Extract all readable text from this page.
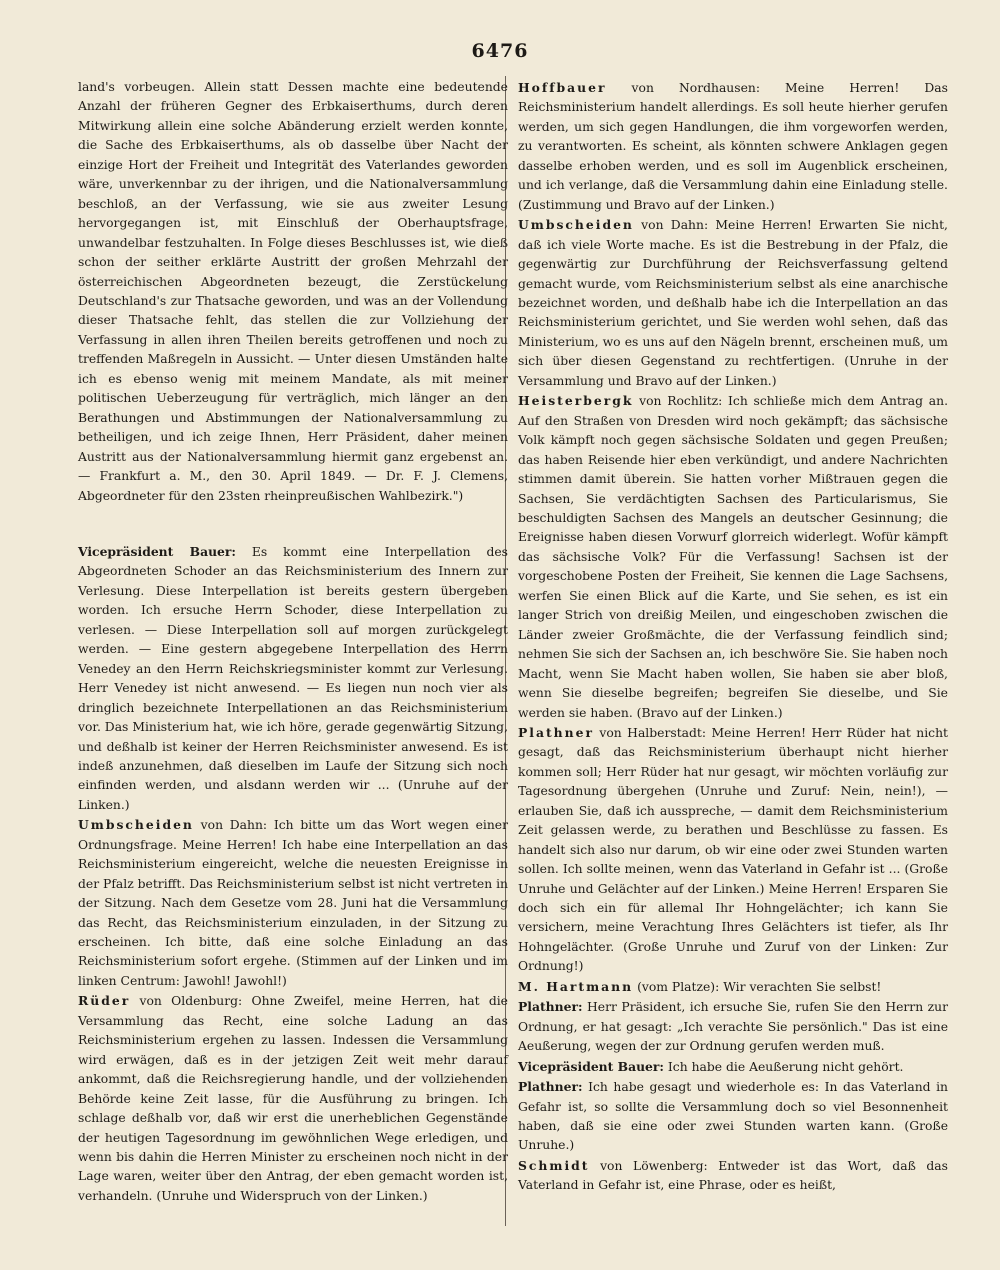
6476

land's vorbeugen. Allein statt Dessen machte eine bedeutende Anzahl der früheren Gegner des Erbkaiserthums, durch deren Mitwirkung allein eine solche Abänderung erzielt werden konnte, die Sache des Erbkaiserthums, als ob dasselbe über Nacht der einzige Hort der Freiheit und Integrität des Vaterlandes geworden wäre, unverkennbar zu der ihrigen, und die Nationalversammlung beschloß, an der Verfassung, wie sie aus zweiter Lesung hervorgegangen ist, mit Einschluß der Oberhauptsfrage, unwandelbar festzuhalten. In Folge dieses Beschlusses ist, wie dieß schon der seither erklärte Austritt der großen Mehrzahl der österreichischen Abgeordneten bezeugt, die Zerstückelung Deutschland's zur Thatsache geworden, und was an der Vollendung dieser Thatsache fehlt, das stellen die zur Vollziehung der Verfassung in allen ihren Theilen bereits getroffenen und noch zu treffenden Maßregeln in Aussicht. — Unter diesen Umständen halte ich es ebenso wenig mit meinem Mandate, als mit meiner politischen Ueberzeugung für verträglich, mich länger an den Berathungen und Abstimmungen der Nationalversammlung zu betheiligen, und ich zeige Ihnen, Herr Präsident, daher meinen Austritt aus der Nationalversammlung hiermit ganz ergebenst an. — Frankfurt a. M., den 30. April 1849. — Dr. F. J. Clemens, Abgeordneter für den 23sten rheinpreußischen Wahlbezirk.")

Vicepräsident Bauer: Es kommt eine Interpellation des Abgeordneten Schoder an das Reichsministerium des Innern zur Verlesung. Diese Interpellation ist bereits gestern übergeben worden. Ich ersuche Herrn Schoder, diese Interpellation zu verlesen. — Diese Interpellation soll auf morgen zurückgelegt werden. — Eine gestern abgegebene Interpellation des Herrn Venedey an den Herrn Reichskriegsminister kommt zur Verlesung. Herr Venedey ist nicht anwesend. — Es liegen nun noch vier als dringlich bezeichnete Interpellationen an das Reichsministerium vor. Das Ministerium hat, wie ich höre, gerade gegenwärtig Sitzung, und deßhalb ist keiner der Herren Reichsminister anwesend. Es ist indeß anzunehmen, daß dieselben im Laufe der Sitzung sich noch einfinden werden, und alsdann werden wir ... (Unruhe auf der Linken.)

Umbscheiden von Dahn: Ich bitte um das Wort wegen einer Ordnungsfrage. Meine Herren! Ich habe eine Interpellation an das Reichsministerium eingereicht, welche die neuesten Ereignisse in der Pfalz betrifft. Das Reichsministerium selbst ist nicht vertreten in der Sitzung. Nach dem Gesetze vom 28. Juni hat die Versammlung das Recht, das Reichsministerium einzuladen, in der Sitzung zu erscheinen. Ich bitte, daß eine solche Einladung an das Reichsministerium sofort ergehe. (Stimmen auf der Linken und im linken Centrum: Jawohl! Jawohl!)

Rüder von Oldenburg: Ohne Zweifel, meine Herren, hat die Versammlung das Recht, eine solche Ladung an das Reichsministerium ergehen zu lassen. Indessen die Versammlung wird erwägen, daß es in der jetzigen Zeit weit mehr darauf ankommt, daß die Reichsregierung handle, und der vollziehenden Behörde keine Zeit lasse, für die Ausführung zu bringen. Ich schlage deßhalb vor, daß wir erst die unerheblichen Gegenstände der heutigen Tagesordnung im gewöhnlichen Wege erledigen, und wenn bis dahin die Herren Minister zu erscheinen noch nicht in der Lage waren, weiter über den Antrag, der eben gemacht worden ist, verhandeln. (Unruhe und Widerspruch von der Linken.)

Hoffbauer von Nordhausen: Meine Herren! Das Reichsministerium handelt allerdings. Es soll heute hierher gerufen werden, um sich gegen Handlungen, die ihm vorgeworfen werden, zu verantworten. Es scheint, als könnten schwere Anklagen gegen dasselbe erhoben werden, und es soll im Augenblick erscheinen, und ich verlange, daß die Versammlung dahin eine Einladung stelle. (Zustimmung und Bravo auf der Linken.)

Umbscheiden von Dahn: Meine Herren! Erwarten Sie nicht, daß ich viele Worte mache. Es ist die Bestrebung in der Pfalz, die gegenwärtig zur Durchführung der Reichsverfassung geltend gemacht wurde, vom Reichsministerium selbst als eine anarchische bezeichnet worden, und deßhalb habe ich die Interpellation an das Reichsministerium gerichtet, und Sie werden wohl sehen, daß das Ministerium, wo es uns auf den Nägeln brennt, erscheinen muß, um sich über diesen Gegenstand zu rechtfertigen. (Unruhe in der Versammlung und Bravo auf der Linken.)

Heisterbergk von Rochlitz: Ich schließe mich dem Antrag an. Auf den Straßen von Dresden wird noch gekämpft; das sächsische Volk kämpft noch gegen sächsische Soldaten und gegen Preußen; das haben Reisende hier eben verkündigt, und andere Nachrichten stimmen damit überein. Sie hatten vorher Mißtrauen gegen die Sachsen, Sie verdächtigten Sachsen des Particularismus, Sie beschuldigten Sachsen des Mangels an deutscher Gesinnung; die Ereignisse haben diesen Vorwurf glorreich widerlegt. Wofür kämpft das sächsische Volk? Für die Verfassung! Sachsen ist der vorgeschobene Posten der Freiheit, Sie kennen die Lage Sachsens, werfen Sie einen Blick auf die Karte, und Sie sehen, es ist ein langer Strich von dreißig Meilen, und eingeschoben zwischen die Länder zweier Großmächte, die der Verfassung feindlich sind; nehmen Sie sich der Sachsen an, ich beschwöre Sie. Sie haben noch Macht, wenn Sie Macht haben wollen, Sie haben sie aber bloß, wenn Sie dieselbe begreifen; begreifen Sie dieselbe, und Sie werden sie haben. (Bravo auf der Linken.)

Plathner von Halberstadt: Meine Herren! Herr Rüder hat nicht gesagt, daß das Reichsministerium überhaupt nicht hierher kommen soll; Herr Rüder hat nur gesagt, wir möchten vorläufig zur Tagesordnung übergehen (Unruhe und Zuruf: Nein, nein!), — erlauben Sie, daß ich ausspreche, — damit dem Reichsministerium Zeit gelassen werde, zu berathen und Beschlüsse zu fassen. Es handelt sich also nur darum, ob wir eine oder zwei Stunden warten sollen. Ich sollte meinen, wenn das Vaterland in Gefahr ist ... (Große Unruhe und Gelächter auf der Linken.) Meine Herren! Ersparen Sie doch sich ein für allemal Ihr Hohngelächter; ich kann Sie versichern, meine Verachtung Ihres Gelächters ist tiefer, als Ihr Hohngelächter. (Große Unruhe und Zuruf von der Linken: Zur Ordnung!)

M. Hartmann (vom Platze): Wir verachten Sie selbst!

Plathner: Herr Präsident, ich ersuche Sie, rufen Sie den Herrn zur Ordnung, er hat gesagt: „Ich verachte Sie persönlich." Das ist eine Aeußerung, wegen der zur Ordnung gerufen werden muß.

Vicepräsident Bauer: Ich habe die Aeußerung nicht gehört.

Plathner: Ich habe gesagt und wiederhole es: In das Vaterland in Gefahr ist, so sollte die Versammlung doch so viel Besonnenheit haben, daß sie eine oder zwei Stunden warten kann. (Große Unruhe.)

Schmidt von Löwenberg: Entweder ist das Wort, daß das Vaterland in Gefahr ist, eine Phrase, oder es heißt,
